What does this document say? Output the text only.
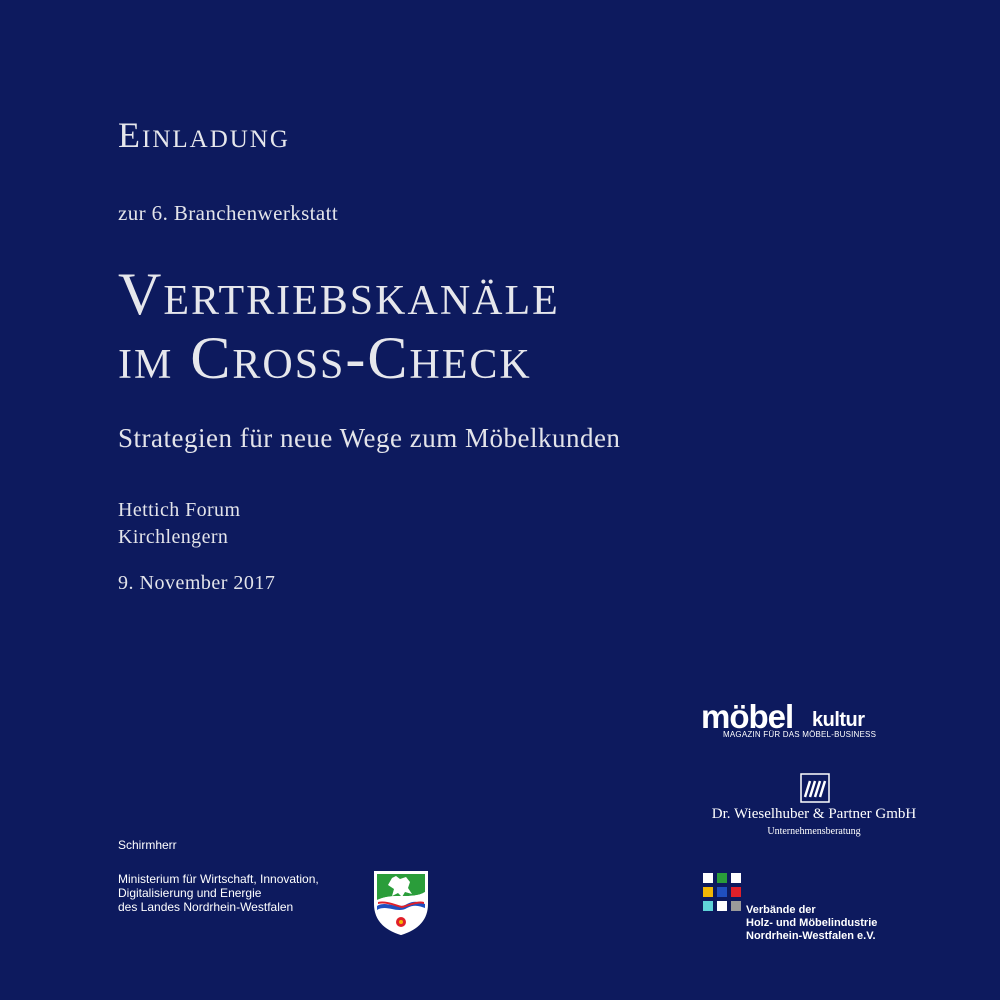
Einladung
zur 6. Branchenwerkstatt
Vertriebskanäle
im Cross-Check
Strategien für neue Wege zum Möbelkunden
Hettich Forum
Kirchlengern
9. November 2017
Schirmherr
Ministerium für Wirtschaft, Innovation,
Digitalisierung und Energie
des Landes Nordrhein-Westfalen
möbel kultur
MAGAZIN FÜR DAS MÖBEL-BUSINESS
Dr. Wieselhuber & Partner GmbH
Unternehmensberatung
Verbände der
Holz- und Möbelindustrie
Nordrhein-Westfalen e.V.
